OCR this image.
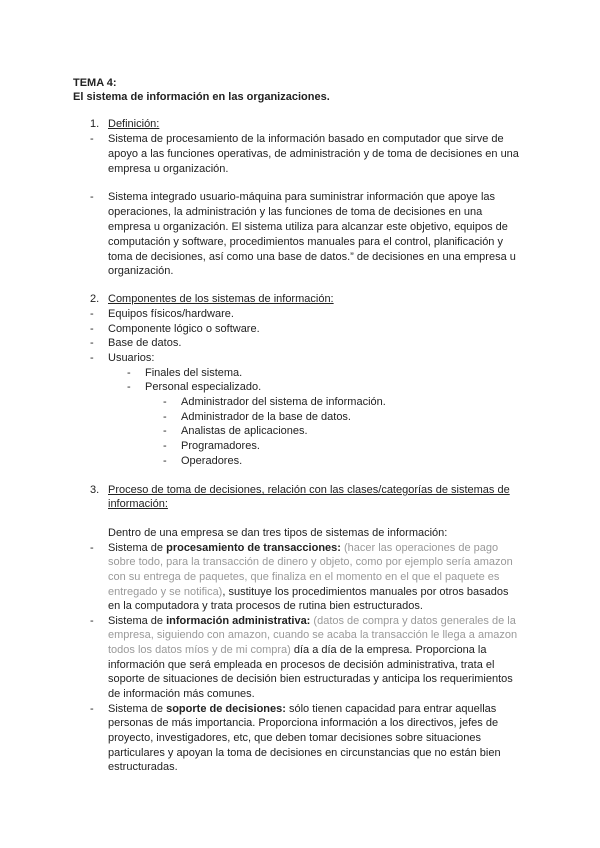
TEMA 4:
El sistema de información en las organizaciones.
1. Definición:
- Sistema de procesamiento de la información basado en computador que sirve de
apoyo a las funciones operativas, de administración y de toma de decisiones en una
empresa u organización.
- Sistema integrado usuario-máquina para suministrar información que apoye las
operaciones, la administración y las funciones de toma de decisiones en una
empresa u organización. El sistema utiliza para alcanzar este objetivo, equipos de
computación y software, procedimientos manuales para el control, planificación y
toma de decisiones, así como una base de datos.” de decisiones en una empresa u
organización.
2. Componentes de los sistemas de información:
- Equipos físicos/hardware.
- Componente lógico o software.
- Base de datos.
- Usuarios:
- Finales del sistema.
- Personal especializado.
- Administrador del sistema de información.
- Administrador de la base de datos.
- Analistas de aplicaciones.
- Programadores.
- Operadores.
3. Proceso de toma de decisiones, relación con las clases/categorías de sistemas de
información:
Dentro de una empresa se dan tres tipos de sistemas de información:
- Sistema de procesamiento de transacciones: (hacer las operaciones de pago
sobre todo, para la transacción de dinero y objeto, como por ejemplo sería amazon
con su entrega de paquetes, que finaliza en el momento en el que el paquete es
entregado y se notifica), sustituye los procedimientos manuales por otros basados
en la computadora y trata procesos de rutina bien estructurados.
- Sistema de información administrativa: (datos de compra y datos generales de la
empresa, siguiendo con amazon, cuando se acaba la transacción le llega a amazon
todos los datos míos y de mi compra) día a día de la empresa. Proporciona la
información que será empleada en procesos de decisión administrativa, trata el
soporte de situaciones de decisión bien estructuradas y anticipa los requerimientos
de información más comunes.
- Sistema de soporte de decisiones: sólo tienen capacidad para entrar aquellas
personas de más importancia. Proporciona información a los directivos, jefes de
proyecto, investigadores, etc, que deben tomar decisiones sobre situaciones
particulares y apoyan la toma de decisiones en circunstancias que no están bien
estructuradas.
